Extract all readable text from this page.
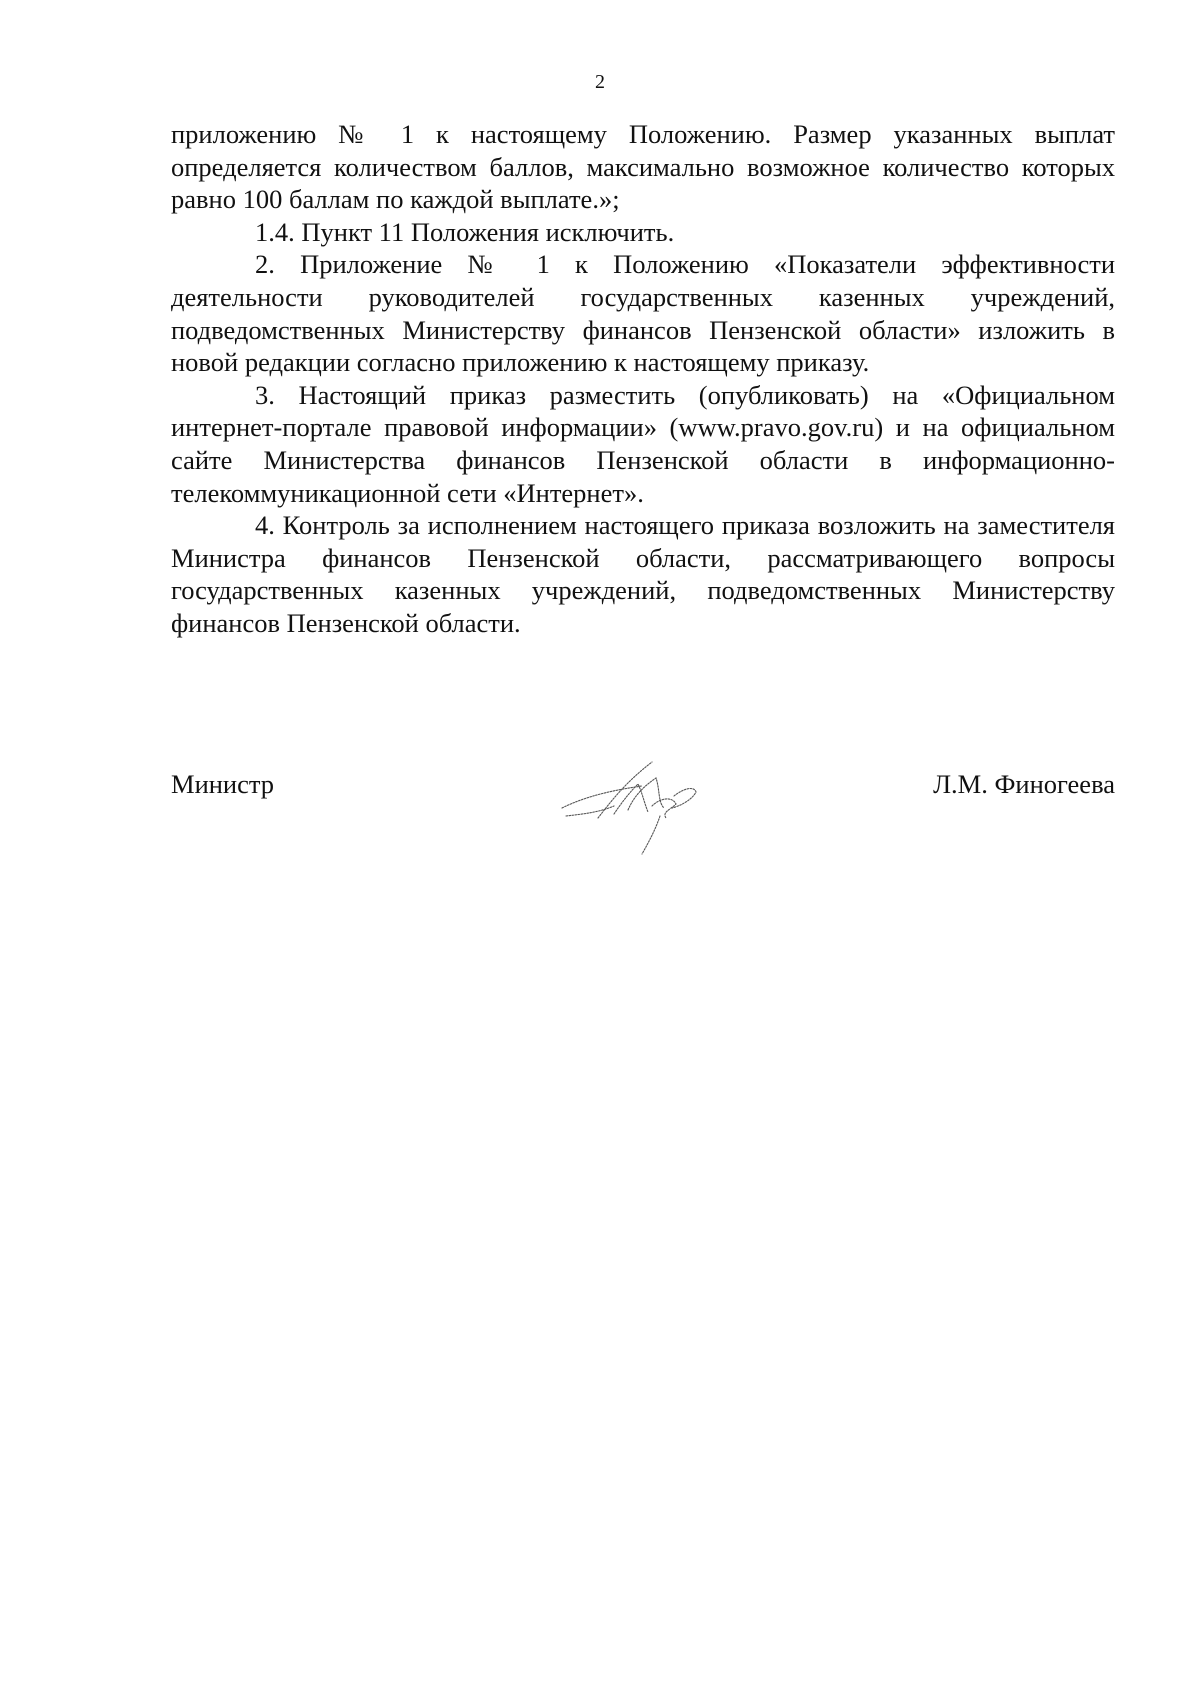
2

приложению № 1 к настоящему Положению. Размер указанных выплат определяется количеством баллов, максимально возможное количество которых равно 100 баллам по каждой выплате.»;

1.4. Пункт 11 Положения исключить.

2. Приложение № 1 к Положению «Показатели эффективности деятельности руководителей государственных казенных учреждений, подведомственных Министерству финансов Пензенской области» изложить в новой редакции согласно приложению к настоящему приказу.

3. Настоящий приказ разместить (опубликовать) на «Официальном интернет-портале правовой информации» (www.pravo.gov.ru) и на официальном сайте Министерства финансов Пензенской области в информационно-телекоммуникационной сети «Интернет».

4. Контроль за исполнением настоящего приказа возложить на заместителя Министра финансов Пензенской области, рассматривающего вопросы государственных казенных учреждений, подведомственных Министерству финансов Пензенской области.

Министр	Л.М. Финогеева
